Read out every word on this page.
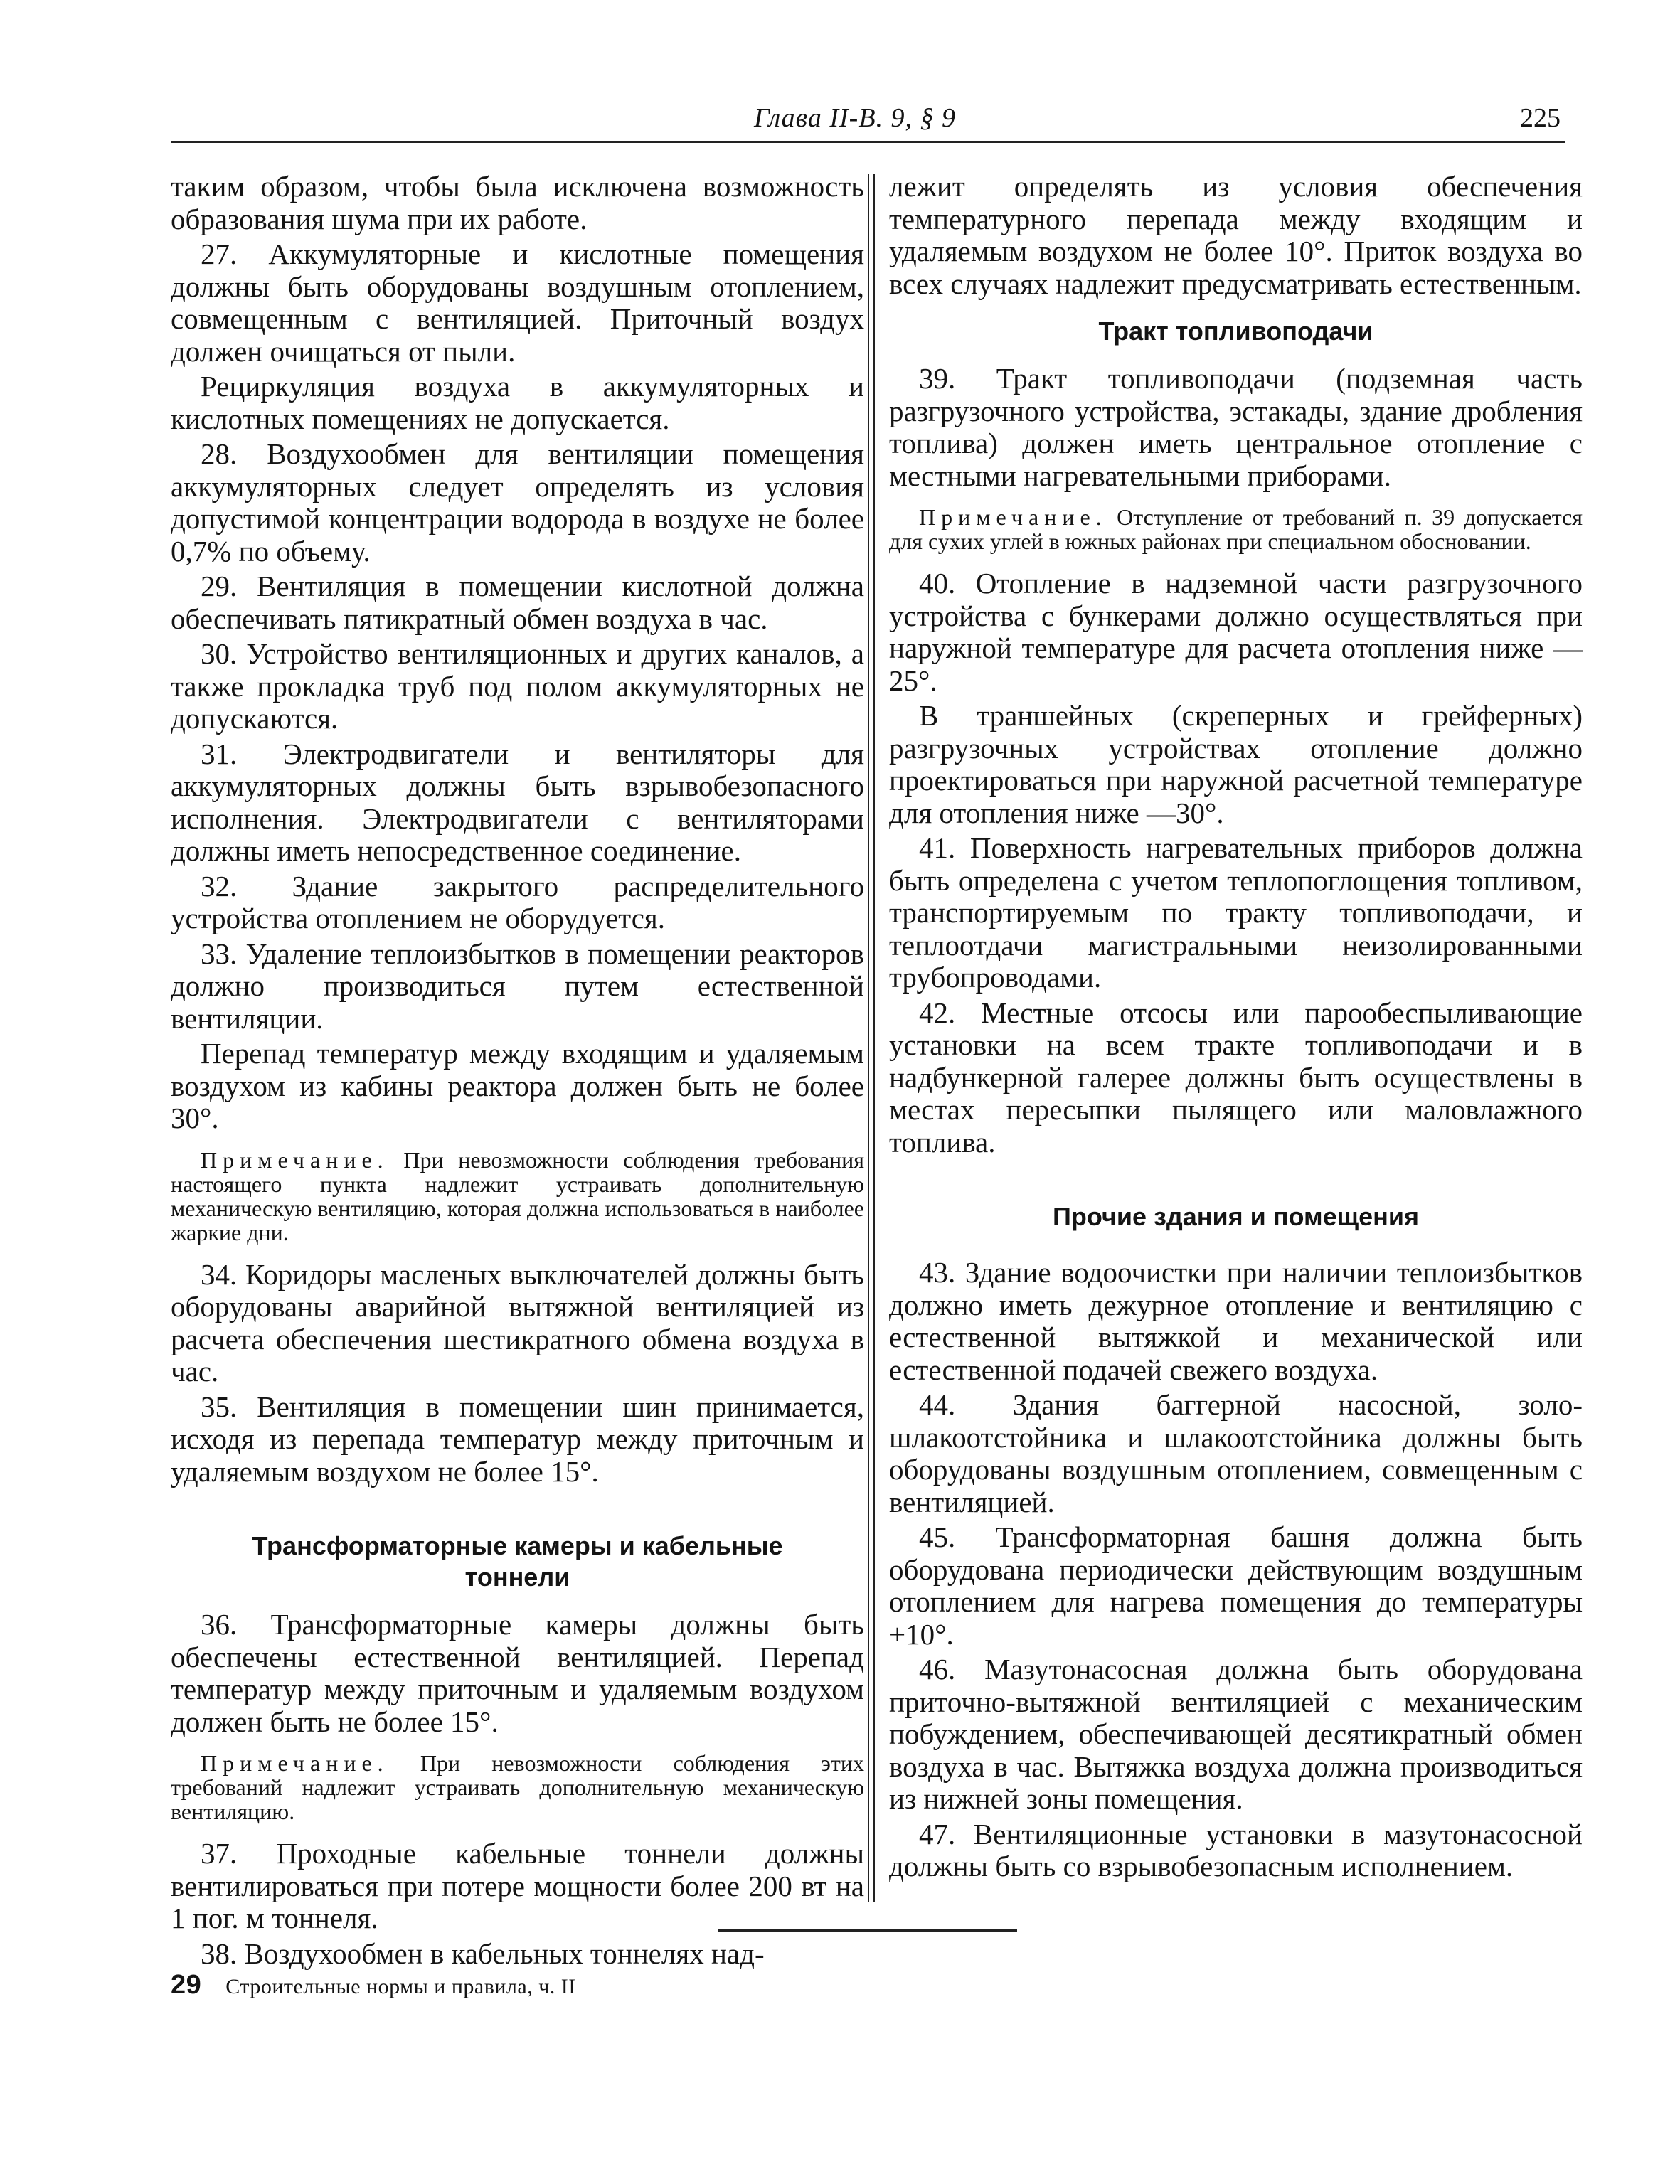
Глава II-В. 9, § 9	225

таким образом, чтобы была исключена возможность образования шума при их работе.

27. Аккумуляторные и кислотные помещения должны быть оборудованы воздушным отоплением, совмещенным с вентиляцией. Приточный воздух должен очищаться от пыли.

Рециркуляция воздуха в аккумуляторных и кислотных помещениях не допускается.

28. Воздухообмен для вентиляции помещения аккумуляторных следует определять из условия допустимой концентрации водорода в воздухе не более 0,7% по объему.

29. Вентиляция в помещении кислотной должна обеспечивать пятикратный обмен воздуха в час.

30. Устройство вентиляционных и других каналов, а также прокладка труб под полом аккумуляторных не допускаются.

31. Электродвигатели и вентиляторы для аккумуляторных должны быть взрывобезопасного исполнения. Электродвигатели с вентиляторами должны иметь непосредственное соединение.

32. Здание закрытого распределительного устройства отоплением не оборудуется.

33. Удаление теплоизбытков в помещении реакторов должно производиться путем естественной вентиляции.

Перепад температур между входящим и удаляемым воздухом из кабины реактора должен быть не более 30°.

Примечание. При невозможности соблюдения требования настоящего пункта надлежит устраивать дополнительную механическую вентиляцию, которая должна использоваться в наиболее жаркие дни.

34. Коридоры масленых выключателей должны быть оборудованы аварийной вытяжной вентиляцией из расчета обеспечения шестикратного обмена воздуха в час.

35. Вентиляция в помещении шин принимается, исходя из перепада температур между приточным и удаляемым воздухом не более 15°.

Трансформаторные камеры и кабельные тоннели

36. Трансформаторные камеры должны быть обеспечены естественной вентиляцией. Перепад температур между приточным и удаляемым воздухом должен быть не более 15°.

Примечание. При невозможности соблюдения этих требований надлежит устраивать дополнительную механическую вентиляцию.

37. Проходные кабельные тоннели должны вентилироваться при потере мощности более 200 вт на 1 пог. м тоннеля.

38. Воздухообмен в кабельных тоннелях над-

лежит определять из условия обеспечения температурного перепада между входящим и удаляемым воздухом не более 10°. Приток воздуха во всех случаях надлежит предусматривать естественным.

Тракт топливоподачи

39. Тракт топливоподачи (подземная часть разгрузочного устройства, эстакады, здание дробления топлива) должен иметь центральное отопление с местными нагревательными приборами.

Примечание. Отступление от требований п. 39 допускается для сухих углей в южных районах при специальном обосновании.

40. Отопление в надземной части разгрузочного устройства с бункерами должно осуществляться при наружной температуре для расчета отопления ниже —25°.

В траншейных (скреперных и грейферных) разгрузочных устройствах отопление должно проектироваться при наружной расчетной температуре для отопления ниже —30°.

41. Поверхность нагревательных приборов должна быть определена с учетом теплопоглощения топливом, транспортируемым по тракту топливоподачи, и теплоотдачи магистральными неизолированными трубопроводами.

42. Местные отсосы или парообеспыливающие установки на всем тракте топливоподачи и в надбункерной галерее должны быть осуществлены в местах пересыпки пылящего или маловлажного топлива.

Прочие здания и помещения

43. Здание водоочистки при наличии теплоизбытков должно иметь дежурное отопление и вентиляцию с естественной вытяжкой и механической или естественной подачей свежего воздуха.

44. Здания баггерной насосной, золо-шлакоотстойника и шлакоотстойника должны быть оборудованы воздушным отоплением, совмещенным с вентиляцией.

45. Трансформаторная башня должна быть оборудована периодически действующим воздушным отоплением для нагрева помещения до температуры +10°.

46. Мазутонасосная должна быть оборудована приточно-вытяжной вентиляцией с механическим побуждением, обеспечивающей десятикратный обмен воздуха в час. Вытяжка воздуха должна производиться из нижней зоны помещения.

47. Вентиляционные установки в мазутонасосной должны быть со взрывобезопасным исполнением.

29 Строительные нормы и правила, ч. II
